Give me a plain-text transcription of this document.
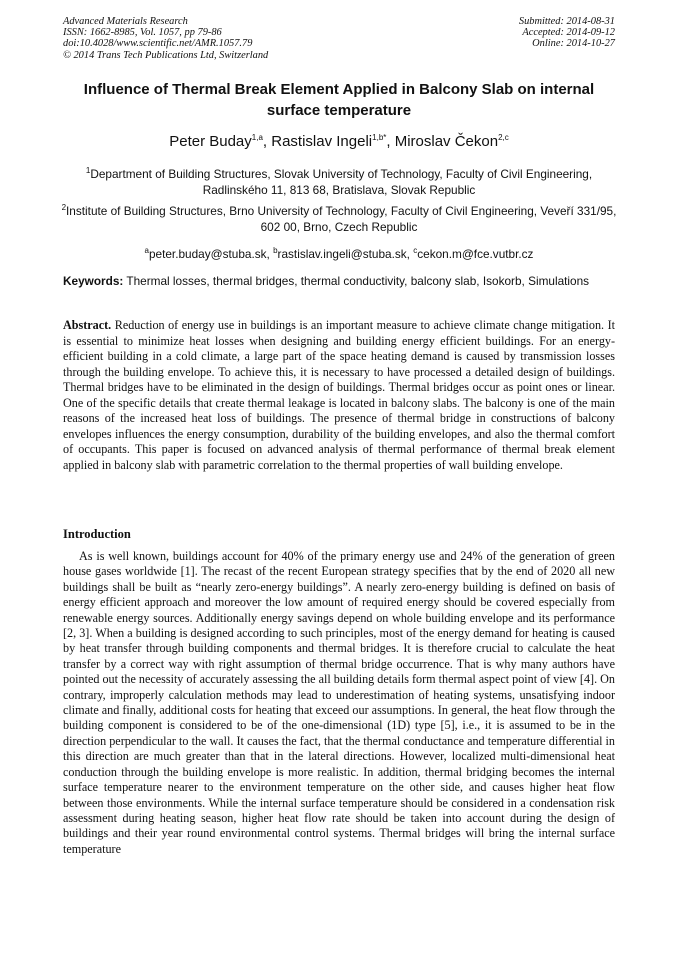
Advanced Materials Research
ISSN: 1662-8985, Vol. 1057, pp 79-86
doi:10.4028/www.scientific.net/AMR.1057.79
© 2014 Trans Tech Publications Ltd, Switzerland
Submitted: 2014-08-31
Accepted: 2014-09-12
Online: 2014-10-27
Influence of Thermal Break Element Applied in Balcony Slab on internal surface temperature
Peter Buday$^{1,a}$, Rastislav Ingeli$^{1,b*}$, Miroslav Čekon$^{2,c}$
$^1$Department of Building Structures, Slovak University of Technology, Faculty of Civil Engineering, Radlinského 11, 813 68, Bratislava, Slovak Republic
$^2$Institute of Building Structures, Brno University of Technology, Faculty of Civil Engineering, Veveří 331/95, 602 00, Brno, Czech Republic
$^a$peter.buday@stuba.sk, $^b$rastislav.ingeli@stuba.sk, $^c$cekon.m@fce.vutbr.cz
Keywords: Thermal losses, thermal bridges, thermal conductivity, balcony slab, Isokorb, Simulations
Abstract. Reduction of energy use in buildings is an important measure to achieve climate change mitigation. It is essential to minimize heat losses when designing and building energy efficient buildings. For an energy-efficient building in a cold climate, a large part of the space heating demand is caused by transmission losses through the building envelope. To achieve this, it is necessary to have processed a detailed design of buildings. Thermal bridges have to be eliminated in the design of buildings. Thermal bridges occur as point ones or linear. One of the specific details that create thermal leakage is located in balcony slabs. The balcony is one of the main reasons of the increased heat loss of buildings. The presence of thermal bridge in constructions of balcony envelopes influences the energy consumption, durability of the building envelopes, and also the thermal comfort of occupants. This paper is focused on advanced analysis of thermal performance of thermal break element applied in balcony slab with parametric correlation to the thermal properties of wall building envelope.
Introduction
As is well known, buildings account for 40% of the primary energy use and 24% of the generation of green house gases worldwide [1]. The recast of the recent European strategy specifies that by the end of 2020 all new buildings shall be built as “nearly zero-energy buildings”. A nearly zero-energy building is defined on basis of energy efficient approach and moreover the low amount of required energy should be covered especially from renewable energy sources. Additionally energy savings depend on whole building envelope and its performance [2, 3]. When a building is designed according to such principles, most of the energy demand for heating is caused by heat transfer through building components and thermal bridges. It is therefore crucial to calculate the heat transfer by a correct way with right assumption of thermal bridge occurrence. That is why many authors have pointed out the necessity of accurately assessing the all building details form thermal aspect point of view [4]. On contrary, improperly calculation methods may lead to underestimation of heating systems, unsatisfying indoor climate and finally, additional costs for heating that exceed our assumptions. In general, the heat flow through the building component is considered to be of the one-dimensional (1D) type [5], i.e., it is assumed to be in the direction perpendicular to the wall. It causes the fact, that the thermal conductance and temperature differential in this direction are much greater than that in the lateral directions. However, localized multi-dimensional heat conduction through the building envelope is more realistic. In addition, thermal bridging becomes the internal surface temperature nearer to the environment temperature on the other side, and causes higher heat flow between those environments. While the internal surface temperature should be considered in a condensation risk assessment during heating season, higher heat flow rate should be taken into account during the design of buildings and their year round environmental control systems. Thermal bridges will bring the internal surface temperature
